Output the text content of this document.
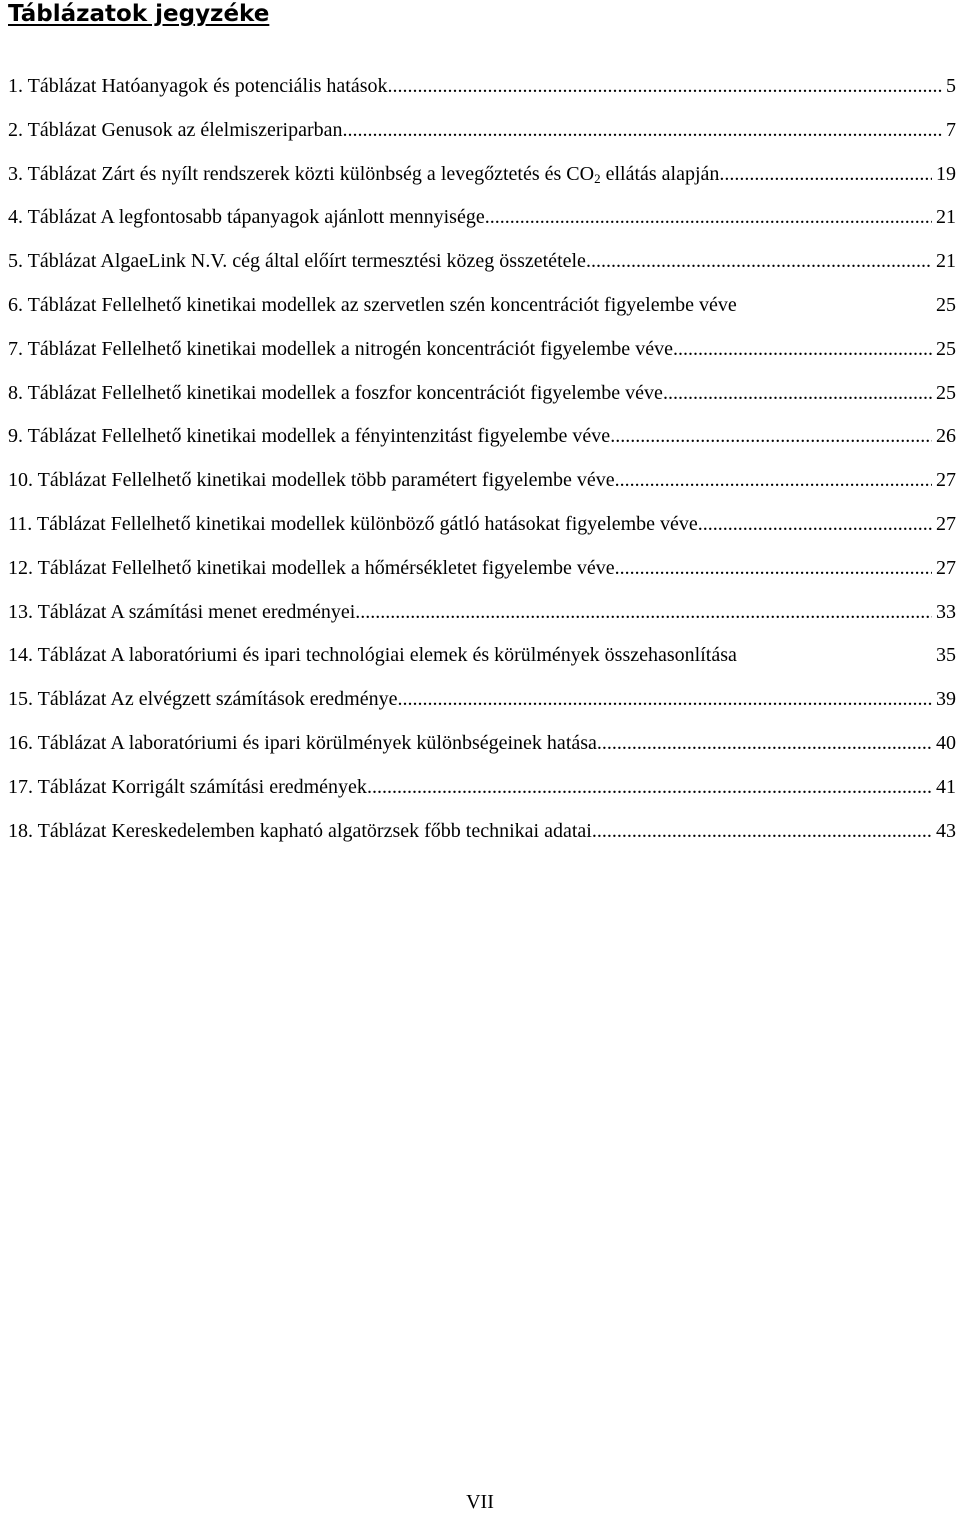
Táblázatok jegyzéke
1. Táblázat Hatóanyagok és potenciális hatások .....	5
2. Táblázat Genusok az élelmiszeriparban .....	7
3. Táblázat Zárt és nyílt rendszerek közti különbség a levegőztetés és $CO_2$ ellátás alapján .....	19
4. Táblázat A legfontosabb tápanyagok ajánlott mennyisége .....	21
5. Táblázat AlgaeLink N.V. cég által előírt termesztési közeg összetétele .....	21
6. Táblázat Fellelhető kinetikai modellek az szervetlen szén koncentrációt figyelembe véve	25
7. Táblázat Fellelhető kinetikai modellek a nitrogén koncentrációt figyelembe véve .....	25
8. Táblázat Fellelhető kinetikai modellek a foszfor koncentrációt figyelembe véve .....	25
9. Táblázat Fellelhető kinetikai modellek a fényintenzitást figyelembe véve .....	26
10. Táblázat Fellelhető kinetikai modellek több paramétert figyelembe véve .....	27
11. Táblázat Fellelhető kinetikai modellek különböző gátló hatásokat figyelembe véve .....	27
12. Táblázat Fellelhető kinetikai modellek a hőmérsékletet figyelembe véve .....	27
13. Táblázat A számítási menet eredményei .....	33
14. Táblázat A laboratóriumi és ipari technológiai elemek és körülmények összehasonlítása	35
15. Táblázat Az elvégzett számítások eredménye .....	39
16. Táblázat A laboratóriumi és ipari körülmények különbségeinek hatása .....	40
17. Táblázat Korrigált számítási eredmények .....	41
18. Táblázat Kereskedelemben kapható algatörzsek főbb technikai adatai .....	43

VII
